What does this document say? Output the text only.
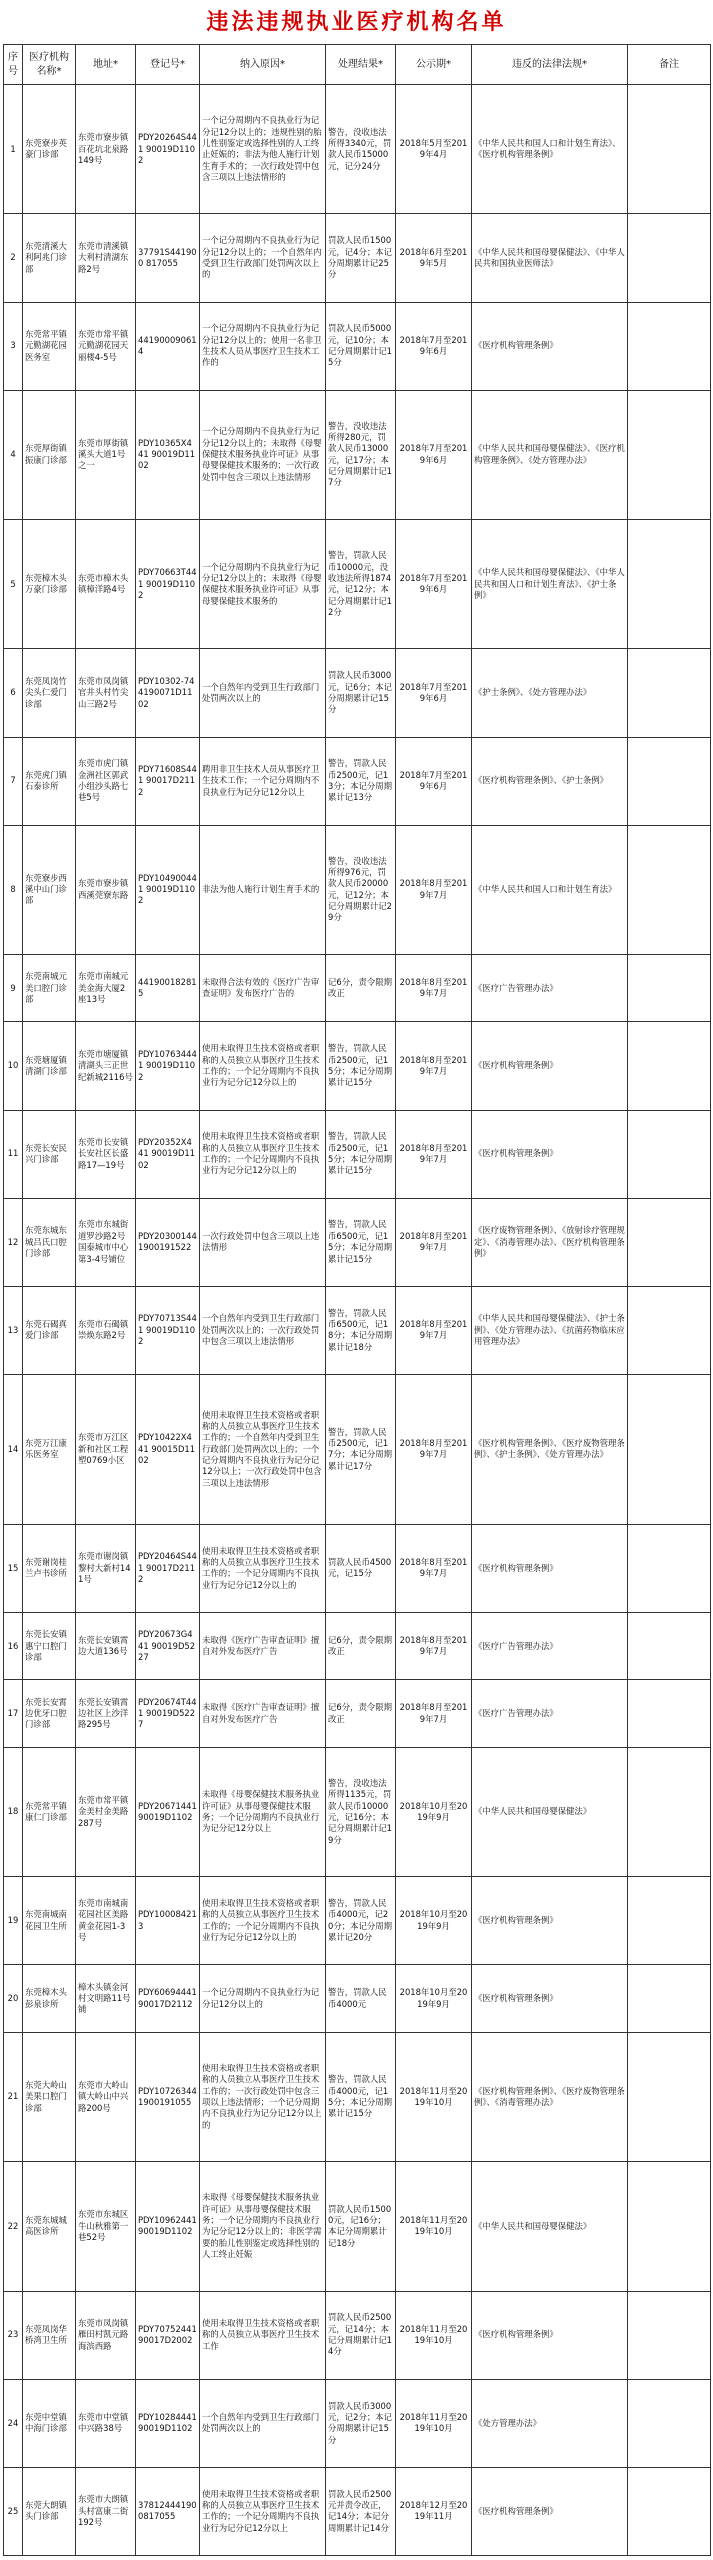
违法违规执业医疗机构名单
序号	医疗机构名称*	地址*	登记号*	纳入原因*	处理结果*	公示期*	违反的法律法规*	备注
1	东莞寮步英豪门诊部	东莞市寮步镇百花坑北泉路149号	PDY20264S441 90019D1102	一个记分周期内不良执业行为记分记12分以上的；违规性别的胎儿性别鉴定或选择性别的人工终止妊娠的；非法为他人施行计划生育手术的；一次行政处罚中包含三项以上违法情形的	警告，没收违法所得3340元，罚款人民币15000元，记分24分	2018年5月至2019年4月	《中华人民共和国人口和计划生育法》、《医疗机构管理条例》	
2	东莞清溪大利阿兆门诊部	东莞市清溪镇大利村清湖东路2号	37791S441900 817055	一个记分周期内不良执业行为记分记12分以上的；一个自然年内受到卫生行政部门处罚两次以上的	罚款人民币1500元，记4分；本记分周期累计记25分	2018年6月至2019年5月	《中华人民共和国母婴保健法》、《中华人民共和国执业医师法》	
3	东莞常平镇元勤湖花园医务室	东莞市常平镇元勤湖花园天丽楼4-5号	441900090614	一个记分周期内不良执业行为记分记12分以上的；使用一名非卫生技术人员从事医疗卫生技术工作的	罚款人民币5000元，记10分；本记分周期累计记15分	2018年7月至2019年6月	《医疗机构管理条例》	
4	东莞厚街镇振康门诊部	东莞市厚街镇溪头大道1号之一	PDY10365X441 90019D1102	一个记分周期内不良执业行为记分记12分以上的；未取得《母婴保健技术服务执业许可证》从事母婴保健技术服务的；一次行政处罚中包含三项以上违法情形	警告，没收违法所得280元，罚款人民币13000元，记17分；本记分周期累计记17分	2018年7月至2019年6月	《中华人民共和国母婴保健法》、《医疗机构管理条例》、《处方管理办法》	
5	东莞樟木头万豪门诊部	东莞市樟木头镇樟洋路4号	PDY70663T441 90019D1102	一个记分周期内不良执业行为记分记12分以上的；未取得《母婴保健技术服务执业许可证》从事母婴保健技术服务的	警告，罚款人民币10000元，没收违法所得1874元，记12分；本记分周期累计记12分	2018年7月至2019年6月	《中华人民共和国母婴保健法》、《中华人民共和国人口和计划生育法》、《护士条例》	
6	东莞凤岗竹尖头仁爱门诊部	东莞市凤岗镇官井头村竹尖山三路2号	PDY10302-744190071D11 02	一个自然年内受到卫生行政部门处罚两次以上的	罚款人民币3000元，记6分；本记分周期累计记15分	2018年7月至2019年6月	《护士条例》、《处方管理办法》	
7	东莞虎门镇石泰诊所	东莞市虎门镇金洲社区郭武小组沙头路七巷5号	PDY71608S441 90017D2112	聘用非卫生技术人员从事医疗卫生技术工作；一个记分周期内不良执业行为记分记12分以上	警告，罚款人民币2500元，记13分；本记分周期累计记13分	2018年7月至2019年6月	《医疗机构管理条例》、《护士条例》	
8	东莞寮步西溪中山门诊部	东莞市寮步镇西溪莞寮东路	PDY104900441 90019D1102	非法为他人施行计划生育手术的	警告，没收违法所得976元，罚款人民币20000元，记12分；本记分周期累计记29分	2018年8月至2019年7月	《中华人民共和国人口和计划生育法》	
9	东莞南城元美口腔门诊部	东莞市南城元美金海大厦2座13号	441900182815	未取得合法有效的《医疗广告审查证明》发布医疗广告的	记6分，责令限期改正	2018年8月至2019年7月	《医疗广告管理办法》	
10	东莞塘厦镇清湖门诊部	东莞市塘厦镇清湖头三正世纪新城2116号	PDY107634441 90019D1102	使用未取得卫生技术资格或者职称的人员独立从事医疗卫生技术工作的；一个记分周期内不良执业行为记分记12分以上的	警告，罚款人民币2500元，记15分；本记分周期累计记15分	2018年8月至2019年7月	《医疗机构管理条例》	
11	东莞长安民兴门诊部	东莞市长安镇长安社区长盛路17—19号	PDY20352X441 90019D1102	使用未取得卫生技术资格或者职称的人员独立从事医疗卫生技术工作的；一个记分周期内不良执业行为记分记12分以上的	警告，罚款人民币2500元，记15分；本记分周期累计记15分	2018年8月至2019年7月	《医疗机构管理条例》	
12	东莞东城东城吕氏口腔门诊部	东莞市东城街道罗沙路2号国泰城市中心第3-4号铺位	PDY20300144 1900191522	一次行政处罚中包含三项以上违法情形	警告，罚款人民币6500元，记15分；本记分周期累计记15分	2018年8月至2019年7月	《医疗废物管理条例》、《放射诊疗管理规定》、《消毒管理办法》、《医疗机构管理条例》	
13	东莞石碣真爱门诊部	东莞市石碣镇崇焕东路2号	PDY70713S441 90019D1102	一个自然年内受到卫生行政部门处罚两次以上的；一次行政处罚中包含三项以上违法情形	警告，罚款人民币6500元，记18分；本记分周期累计记18分	2018年8月至2019年7月	《中华人民共和国母婴保健法》、《护士条例》、《处方管理办法》、《抗菌药物临床应用管理办法》	
14	东莞万江康乐医务室	东莞市万江区新和社区工程塑0769小区	PDY10422X441 90015D1102	使用未取得卫生技术资格或者职称的人员独立从事医疗卫生技术工作的；一个自然年内受到卫生行政部门处罚两次以上的；一个记分周期内不良执业行为记分记12分以上；一次行政处罚中包含三项以上违法情形	警告，罚款人民币2500元，记17分；本记分周期累计记17分	2018年8月至2019年7月	《医疗机构管理条例》、《医疗废物管理条例》、《护士条例》、《处方管理办法》	
15	东莞谢岗桂兰卢书诊所	东莞市谢岗镇黎村大新村141号	PDY20464S441 90017D2112	使用未取得卫生技术资格或者职称的人员独立从事医疗卫生技术工作的；一个记分周期内不良执业行为记分记12分以上的	罚款人民币4500元，记15分	2018年8月至2019年7月	《医疗机构管理条例》	
16	东莞长安镇惠宁口腔门诊部	东莞长安镇霄边大道136号	PDY20673G441 90019D5227	未取得《医疗广告审查证明》擅自对外发布医疗广告	记6分，责令限期改正	2018年8月至2019年7月	《医疗广告管理办法》	
17	东莞长安霄边优牙口腔门诊部	东莞长安镇霄边社区上沙洋路295号	PDY20674T441 90019D5227	未取得《医疗广告审查证明》擅自对外发布医疗广告	记6分，责令限期改正	2018年8月至2019年7月	《医疗广告管理办法》	
18	东莞常平镇康仁门诊部	东莞市常平镇金美村金美路287号	PDY20671441 90019D1102	未取得《母婴保健技术服务执业许可证》从事母婴保健技术服务；一个记分周期内不良执业行为记分记12分以上	警告，没收违法所得1135元，罚款人民币10000元，记16分；本记分周期累计记19分	2018年10月至2019年9月	《中华人民共和国母婴保健法》	
19	东莞南城南花园卫生所	东莞市南城南花园社区美路黄金花园1-3号	PDY100084213	使用未取得卫生技术资格或者职称的人员独立从事医疗卫生技术工作的；一个记分周期内不良执业行为记分记12分以上的	警告，罚款人民币4000元，记20分；本记分周期累计记20分	2018年10月至2019年9月	《医疗机构管理条例》	
20	东莞樟木头彭泉诊所	樟木头镇金河村文明路11号铺	PDY60694441 90017D2112	一个记分周期内不良执业行为记分记12分以上的	警告，罚款人民币4000元	2018年10月至2019年9月	《医疗机构管理条例》	
21	东莞大岭山美果口腔门诊部	东莞市大岭山镇大岭山中兴路200号	PDY10726344 1900191055	使用未取得卫生技术资格或者职称的人员独立从事医疗卫生技术工作的；一次行政处罚中包含三项以上违法情形；一个记分周期内不良执业行为记分记12分以上的	警告，罚款人民币4000元，记15分；本记分周期累计记15分	2018年11月至2019年10月	《医疗机构管理条例》、《医疗废物管理条例》、《消毒管理办法》	
22	东莞东城城高医诊所	东莞市东城区牛山秋雅第一巷52号	PDY10962441 90019D1102	未取得《母婴保健技术服务执业许可证》从事母婴保健技术服务；一个记分周期内不良执业行为记分记12分以上的；非医学需要的胎儿性别鉴定或选择性别的人工终止妊娠	罚款人民币15000元，记16分；本记分周期累计记18分	2018年11月至2019年10月	《中华人民共和国母婴保健法》	
23	东莞凤岗华桥湾卫生所	东莞市凤岗镇雁田村凯元路海滨西路	PDY70752441 90017D2002	使用未取得卫生技术资格或者职称的人员独立从事医疗卫生技术工作	罚款人民币2500元，记14分；本记分周期累计记14分	2018年11月至2019年10月	《医疗机构管理条例》	
24	东莞中堂镇中海门诊部	东莞市中堂镇中兴路38号	PDY10284441 90019D1102	一个自然年内受到卫生行政部门处罚两次以上的	罚款人民币3000元，记2分；本记分周期累计记15分	2018年11月至2019年10月	《处方管理办法》	
25	东莞大朗镇头门诊部	东莞市大朗镇头村富康二街192号	37812444190 0817055	使用未取得卫生技术资格或者职称的人员独立从事医疗卫生技术工作的；一个记分周期内不良执业行为记分记12分以上	罚款人民币2500元并责令改正，记14分；本记分周期累计记14分	2018年12月至2019年11月	《医疗机构管理条例》	
